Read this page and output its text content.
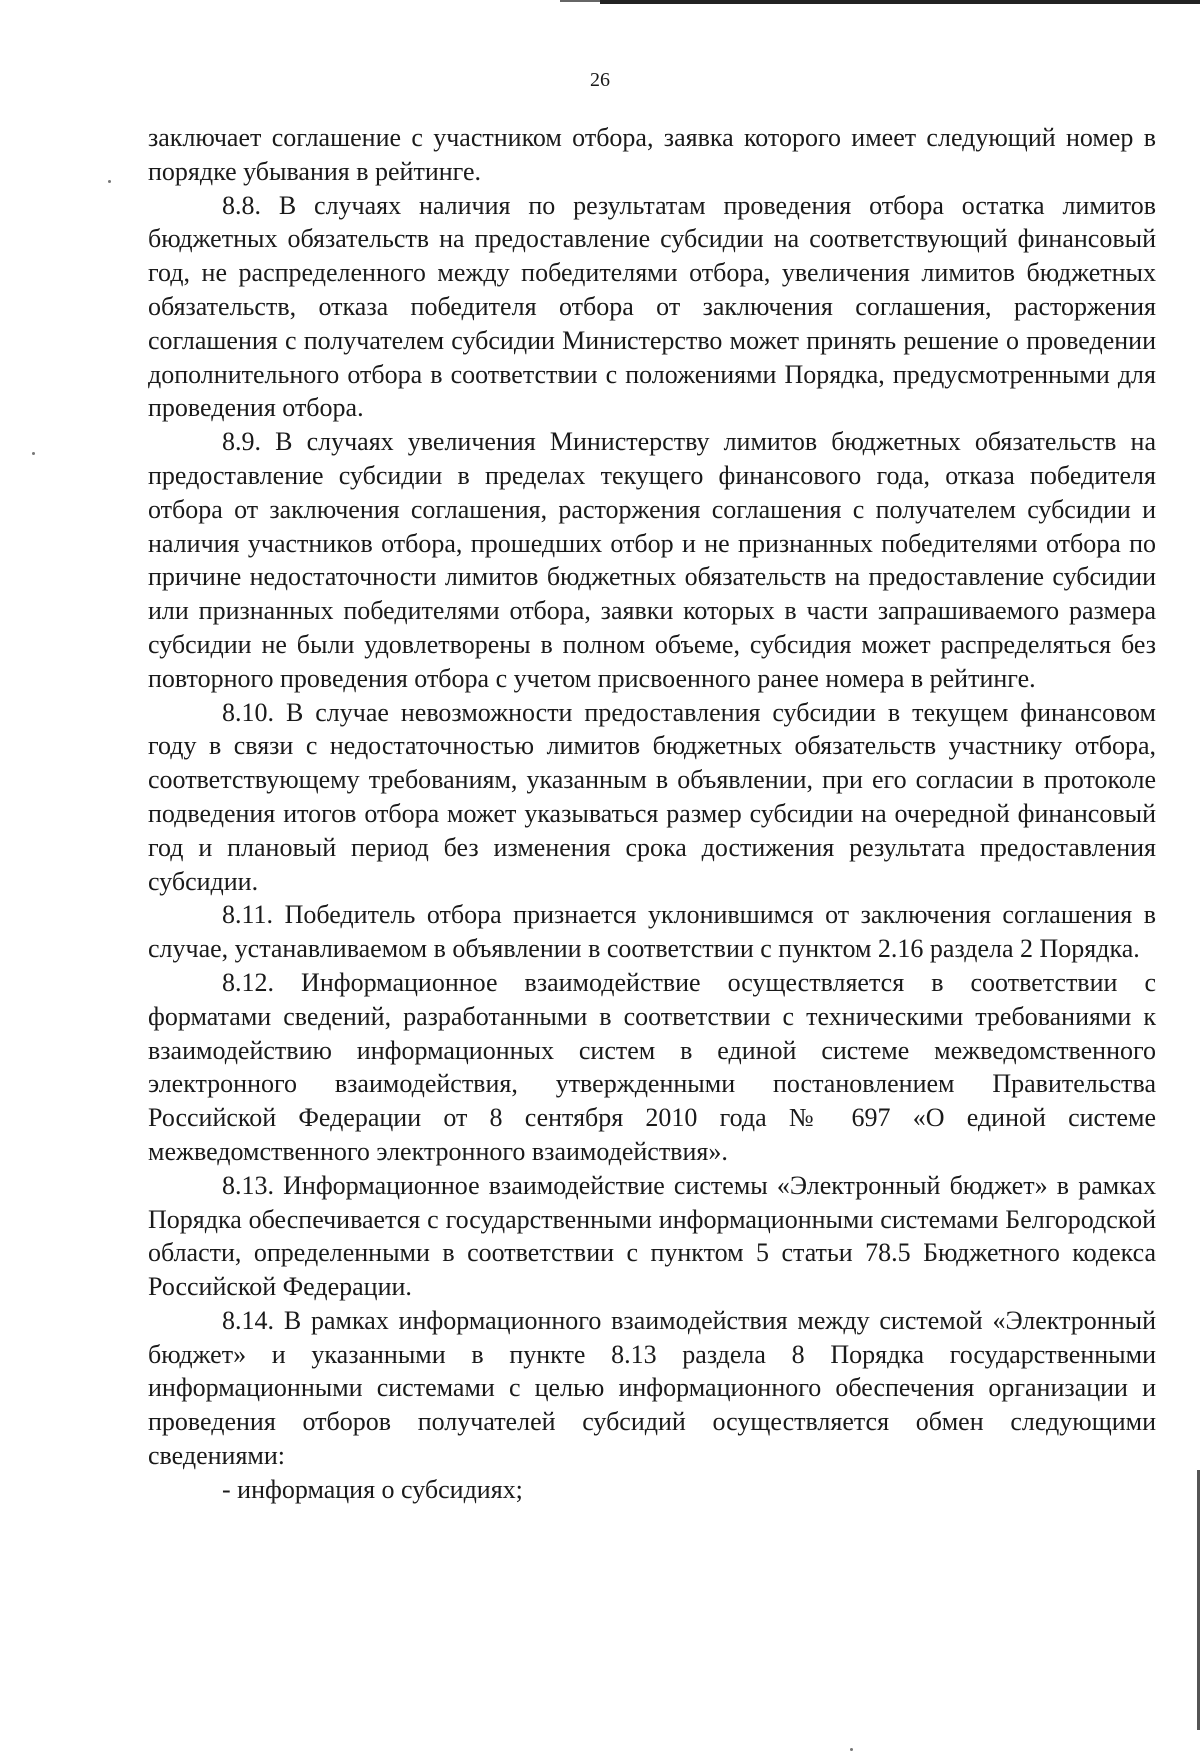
26

заключает соглашение с участником отбора, заявка которого имеет следующий номер в порядке убывания в рейтинге.

8.8. В случаях наличия по результатам проведения отбора остатка лимитов бюджетных обязательств на предоставление субсидии на соответствующий финансовый год, не распределенного между победителями отбора, увеличения лимитов бюджетных обязательств, отказа победителя отбора от заключения соглашения, расторжения соглашения с получателем субсидии Министерство может принять решение о проведении дополнительного отбора в соответствии с положениями Порядка, предусмотренными для проведения отбора.

8.9. В случаях увеличения Министерству лимитов бюджетных обязательств на предоставление субсидии в пределах текущего финансового года, отказа победителя отбора от заключения соглашения, расторжения соглашения с получателем субсидии и наличия участников отбора, прошедших отбор и не признанных победителями отбора по причине недостаточности лимитов бюджетных обязательств на предоставление субсидии или признанных победителями отбора, заявки которых в части запрашиваемого размера субсидии не были удовлетворены в полном объеме, субсидия может распределяться без повторного проведения отбора с учетом присвоенного ранее номера в рейтинге.

8.10. В случае невозможности предоставления субсидии в текущем финансовом году в связи с недостаточностью лимитов бюджетных обязательств участнику отбора, соответствующему требованиям, указанным в объявлении, при его согласии в протоколе подведения итогов отбора может указываться размер субсидии на очередной финансовый год и плановый период без изменения срока достижения результата предоставления субсидии.

8.11. Победитель отбора признается уклонившимся от заключения соглашения в случае, устанавливаемом в объявлении в соответствии с пунктом 2.16 раздела 2 Порядка.

8.12. Информационное взаимодействие осуществляется в соответствии с форматами сведений, разработанными в соответствии с техническими требованиями к взаимодействию информационных систем в единой системе межведомственного электронного взаимодействия, утвержденными постановлением Правительства Российской Федерации от 8 сентября 2010 года № 697 «О единой системе межведомственного электронного взаимодействия».

8.13. Информационное взаимодействие системы «Электронный бюджет» в рамках Порядка обеспечивается с государственными информационными системами Белгородской области, определенными в соответствии с пунктом 5 статьи 78.5 Бюджетного кодекса Российской Федерации.

8.14. В рамках информационного взаимодействия между системой «Электронный бюджет» и указанными в пункте 8.13 раздела 8 Порядка государственными информационными системами с целью информационного обеспечения организации и проведения отборов получателей субсидий осуществляется обмен следующими сведениями:

- информация о субсидиях;
